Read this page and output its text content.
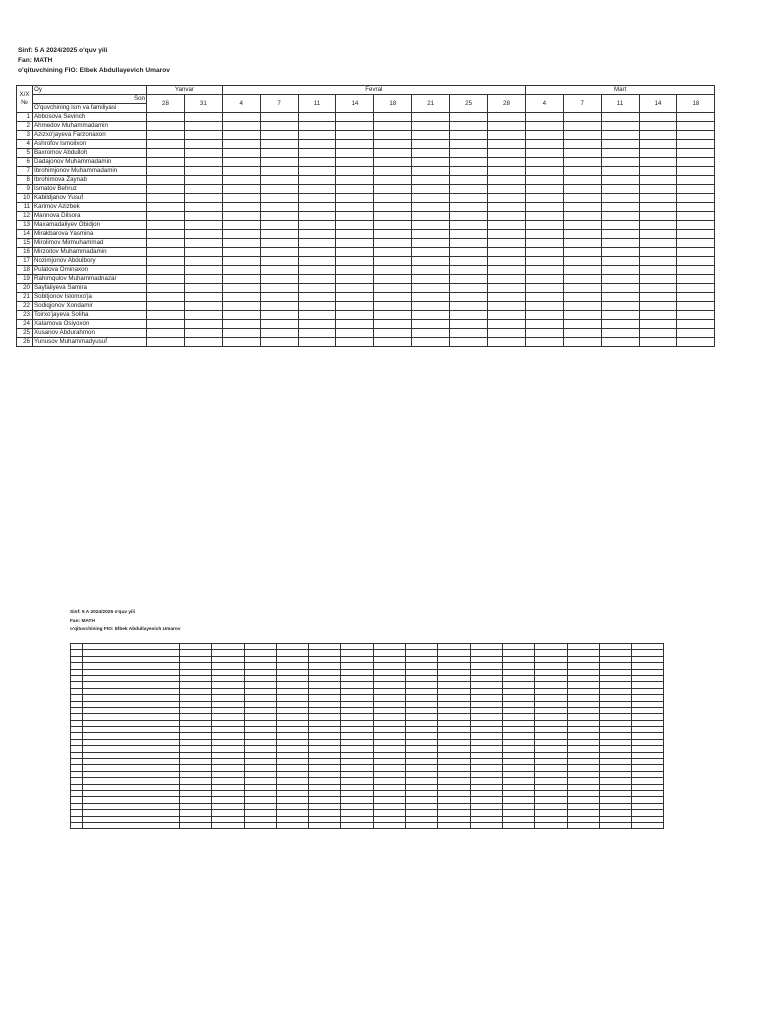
Sinf: 5 A 2024/2025 o'quv yili
Fan: MATH
o'qituvchining FIO: Elbek Abdullayevich Umarov
X/X
№	Oy	Yanvar		Fevral								Mart				
	Son	28	31	4	7	11	14	18	21	25	28	4	7	11	14	18
	O'quvchining ism va familiyasi															
1	Abbosova Sevinch															
2	Ahmedov Muhammadamin															
3	Azizxo'jayeva Farzonaxon															
4	Ashrofov Ismoilxon															
5	Baxromov Abdulloh															
6	Dadajonov Muhammadamin															
7	Ibrohimjonov Muhammadamin															
8	Ibrohimova Zaynab															
9	Ismatov Behruz															
10	Kabildjanov Yusuf															
11	Karimov Azizbek															
12	Mannova Dilsora															
13	Maxamadaliyev Obidjon															
14	Mirakbarova Yasmina															
15	Mirolimov Mirmuhammad															
16	Mirzoitov Muhammadamin															
17	Nozimjonov Abdulbory															
18	Pulatova Ominaxon															
19	Rahimqulov Muhammadnazar															
20	Sayfaliyeva Samira															
21	Sobitjonov Islomxo'ja															
22	Sodiqjonov Xondamir															
23	Toirxo'jayeva Soliha															
24	Xatamova Osiyoxon															
25	Xusanov Abdurahmon															
26	Yunusov Muhammadyusuf															
Sinf: 5 A 2024/2025 o'quv yili
Fan: MATH
o'qituvchining FIO: Elbek Abdullayevich Umarov
